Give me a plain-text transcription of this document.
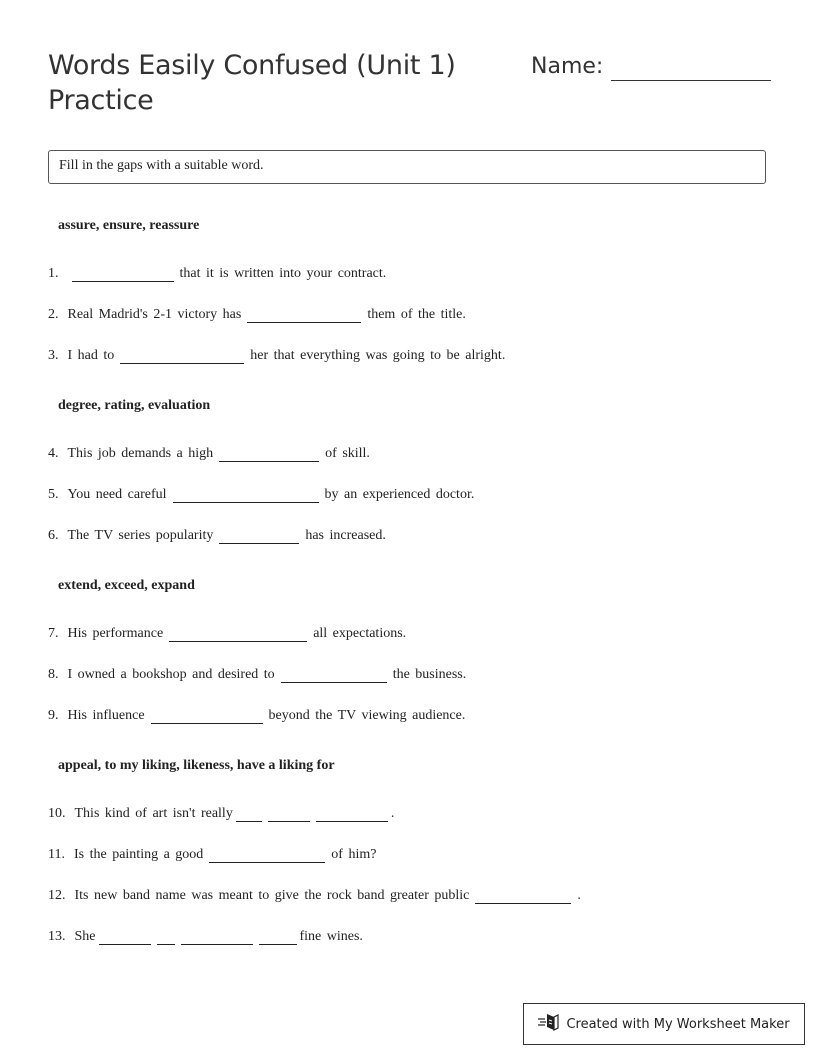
Words Easily Confused (Unit 1) Practice
Name:
Fill in the gaps with a suitable word.
assure, ensure, reassure
1.	that it is written into your contract.
2. Real Madrid's 2-1 victory has	them of the title.
3. I had to	her that everything was going to be alright.
degree, rating, evaluation
4. This job demands a high	of skill.
5. You need careful	by an experienced doctor.
6. The TV series popularity	has increased.
extend, exceed, expand
7. His performance	all expectations.
8. I owned a bookshop and desired to	the business.
9. His influence	beyond the TV viewing audience.
appeal, to my liking, likeness, have a liking for
10. This kind of art isn't really	.
11. Is the painting a good	of him?
12. Its new band name was meant to give the rock band greater public	.
13. She	fine wines.
Created with My Worksheet Maker
